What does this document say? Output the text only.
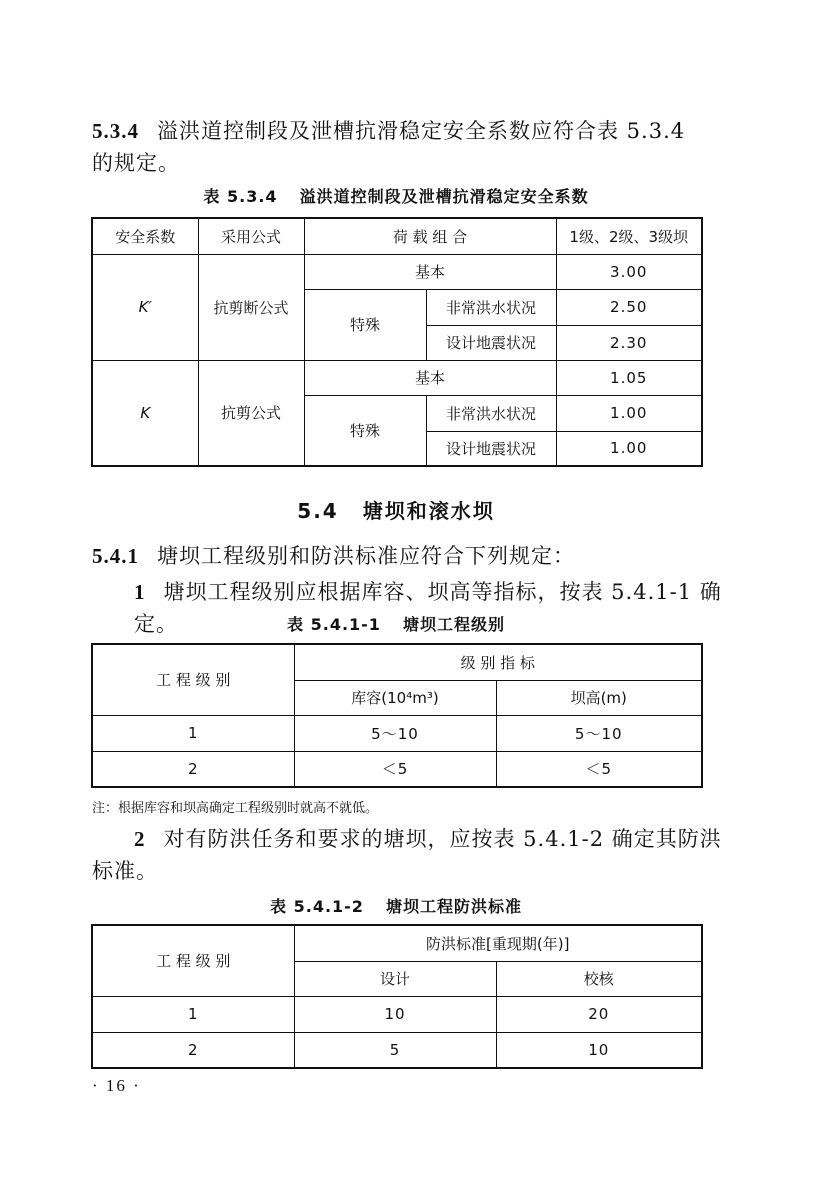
5.3.4 溢洪道控制段及泄槽抗滑稳定安全系数应符合表 5.3.4
的规定。
表 5.3.4 溢洪道控制段及泄槽抗滑稳定安全系数
安全系数	采用公式	荷 载 组 合		1级、2级、3级坝
K′	抗剪断公式	基本		3.00
		特殊	非常洪水状况	2.50
			设计地震状况	2.30
K	抗剪公式	基本		1.05
		特殊	非常洪水状况	1.00
			设计地震状况	1.00
5.4 塘坝和滚水坝
5.4.1 塘坝工程级别和防洪标准应符合下列规定：
1 塘坝工程级别应根据库容、坝高等指标，按表 5.4.1-1 确定。	表 5.4.1-1 塘坝工程级别
工 程 级 别	级 别 指 标	
	库容(10⁴m³)	坝高(m)
1	5～10	5～10
2	＜5	＜5
注：根据库容和坝高确定工程级别时就高不就低。
2 对有防洪任务和要求的塘坝，应按表 5.4.1-2 确定其防洪
标准。
表 5.4.1-2 塘坝工程防洪标准
工 程 级 别	防洪标准[重现期(年)]	
	设计	校核
1	10	20
2	5	10
· 16 ·
